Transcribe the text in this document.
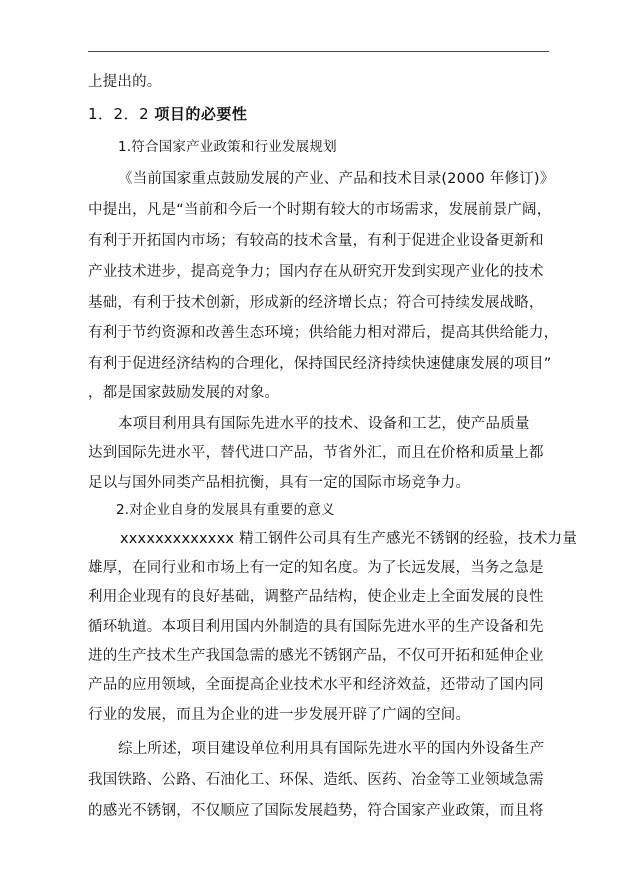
上提出的。
1．2．2 项目的必要性
1.符合国家产业政策和行业发展规划
《当前国家重点鼓励发展的产业、产品和技术目录(2000 年修订)》
中提出，凡是“当前和今后一个时期有较大的市场需求，发展前景广阔，
有利于开拓国内市场；有较高的技术含量，有利于促进企业设备更新和
产业技术进步，提高竞争力；国内存在从研究开发到实现产业化的技术
基础，有利于技术创新，形成新的经济增长点；符合可持续发展战略，
有利于节约资源和改善生态环境；供给能力相对滞后，提高其供给能力，
有利于促进经济结构的合理化，保持国民经济持续快速健康发展的项目”
，都是国家鼓励发展的对象。
本项目利用具有国际先进水平的技术、设备和工艺，使产品质量
达到国际先进水平，替代进口产品，节省外汇，而且在价格和质量上都
足以与国外同类产品相抗衡，具有一定的国际市场竞争力。
2.对企业自身的发展具有重要的意义
xxxxxxxxxxxxx 精工钢件公司具有生产感光不锈钢的经验，技术力量
雄厚，在同行业和市场上有一定的知名度。为了长远发展，当务之急是
利用企业现有的良好基础，调整产品结构，使企业走上全面发展的良性
循环轨道。本项目利用国内外制造的具有国际先进水平的生产设备和先
进的生产技术生产我国急需的感光不锈钢产品，不仅可开拓和延伸企业
产品的应用领域，全面提高企业技术水平和经济效益，还带动了国内同
行业的发展，而且为企业的进一步发展开辟了广阔的空间。
综上所述，项目建设单位利用具有国际先进水平的国内外设备生产
我国铁路、公路、石油化工、环保、造纸、医药、冶金等工业领域急需
的感光不锈钢，不仅顺应了国际发展趋势，符合国家产业政策，而且将
